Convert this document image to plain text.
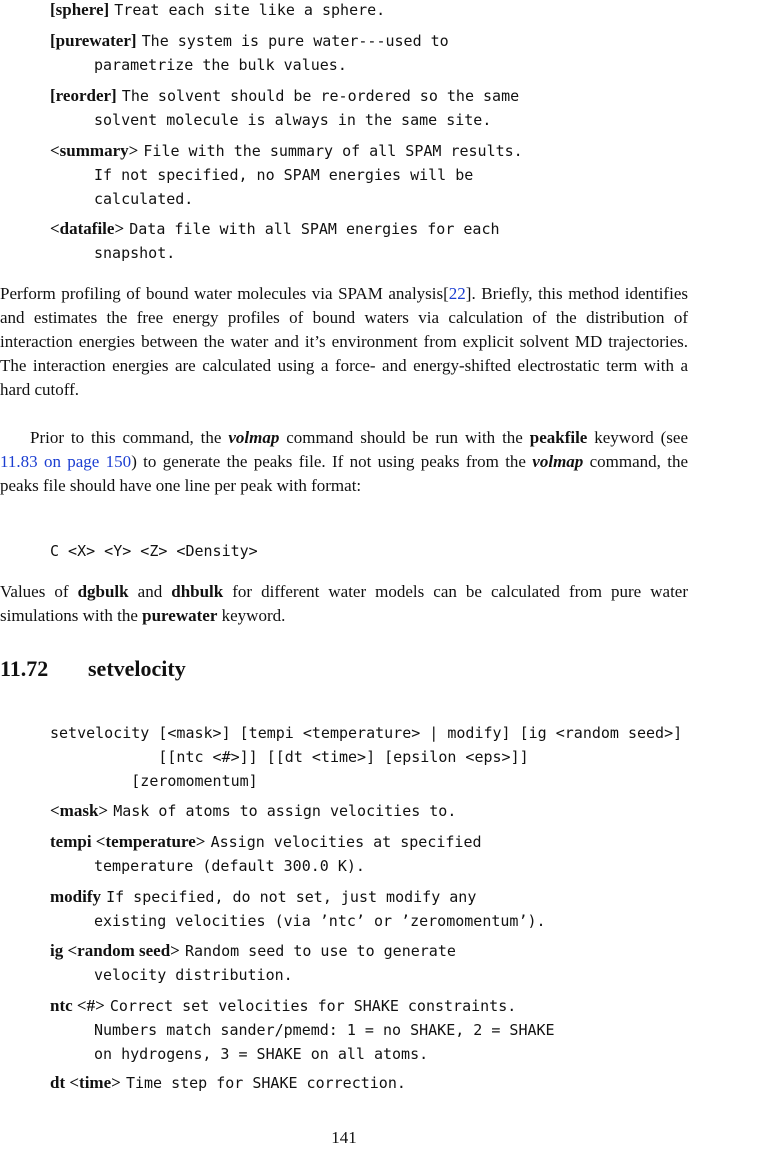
[sphere] Treat each site like a sphere.
[purewater] The system is pure water---used to
parametrize the bulk values.
[reorder] The solvent should be re-ordered so the same
solvent molecule is always in the same site.
<summary> File with the summary of all SPAM results.
If not specified, no SPAM energies will be
calculated.
<datafile> Data file with all SPAM energies for each
snapshot.
Perform profiling of bound water molecules via SPAM analysis[22]. Briefly, this method identifies and estimates the free energy profiles of bound waters via calculation of the distribution of interaction energies between the water and it’s environment from explicit solvent MD trajectories. The interaction energies are calculated using a force- and energy-shifted electrostatic term with a hard cutoff.
Prior to this command, the volmap command should be run with the peakfile keyword (see 11.83 on page 150) to generate the peaks file. If not using peaks from the volmap command, the peaks file should have one line per peak with format:
C <X> <Y> <Z> <Density>
Values of dgbulk and dhbulk for different water models can be calculated from pure water simulations with the purewater keyword.
11.72 setvelocity
setvelocity [<mask>] [tempi <temperature> | modify] [ig <random seed>]
[[ntc <#>]] [[dt <time>] [epsilon <eps>]]
[zeromomentum]
<mask> Mask of atoms to assign velocities to.
tempi <temperature> Assign velocities at specified
temperature (default 300.0 K).
modify If specified, do not set, just modify any
existing velocities (via ’ntc’ or ’zeromomentum’).
ig <random seed> Random seed to use to generate
velocity distribution.
ntc <#> Correct set velocities for SHAKE constraints.
Numbers match sander/pmemd: 1 = no SHAKE, 2 = SHAKE
on hydrogens, 3 = SHAKE on all atoms.
dt <time> Time step for SHAKE correction.
141
